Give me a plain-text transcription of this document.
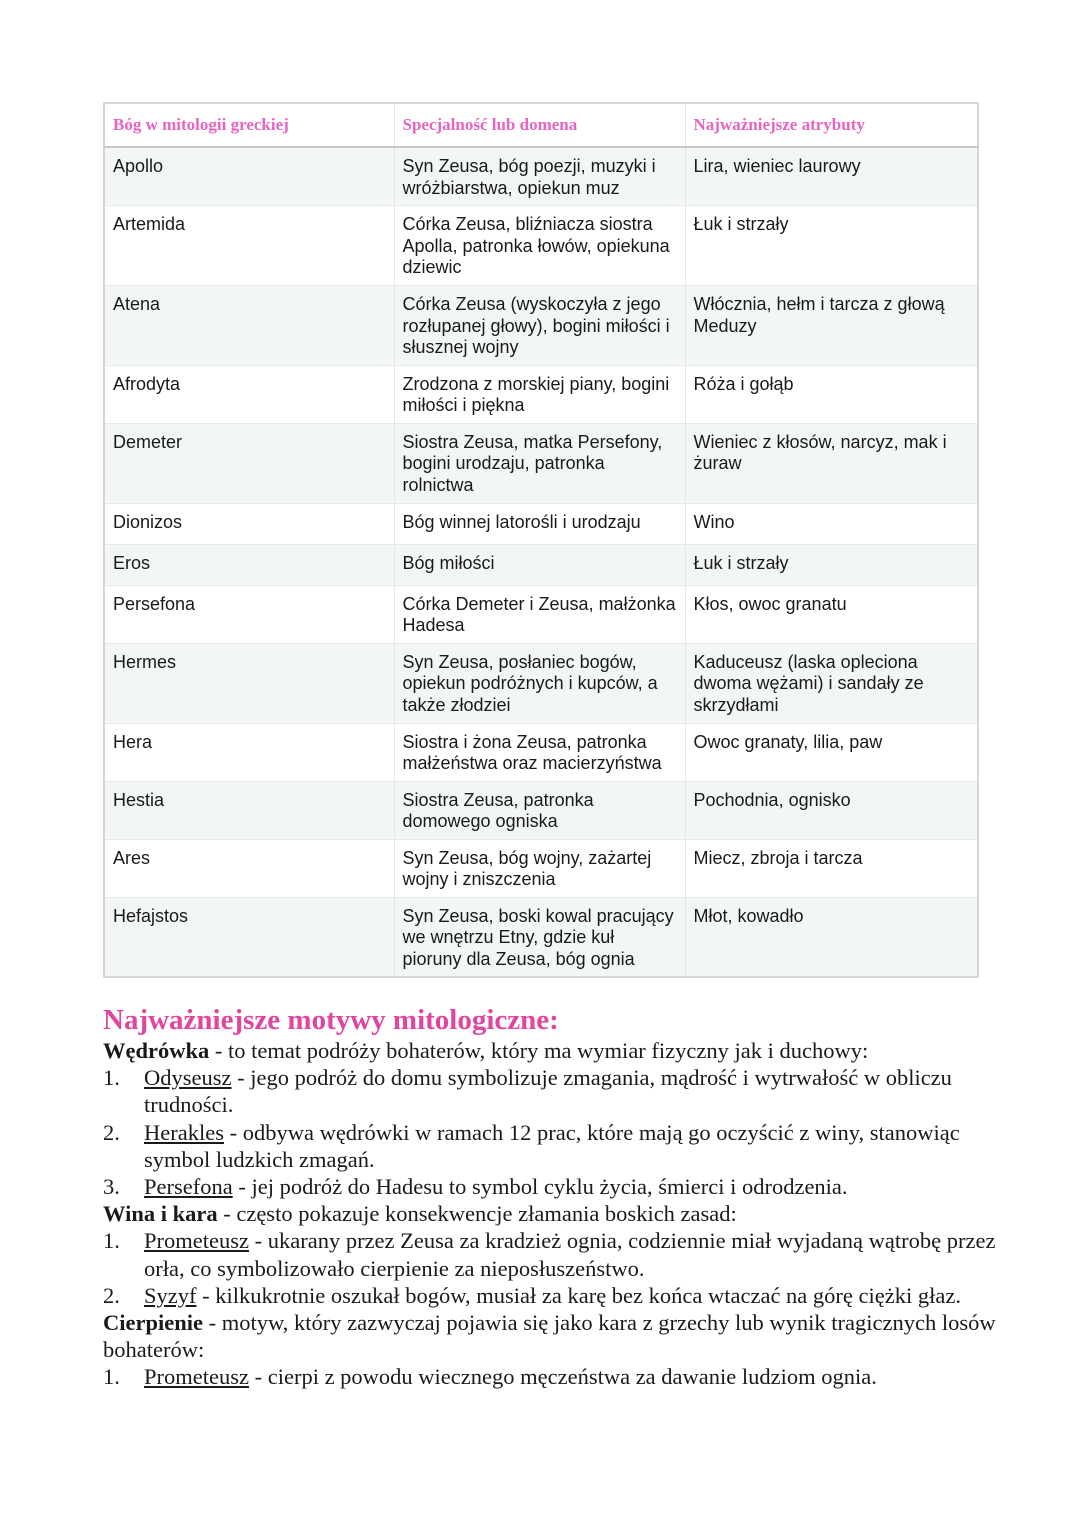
Bóg w mitologii greckiej	Specjalność lub domena	Najważniejsze atrybuty
Apollo	Syn Zeusa, bóg poezji, muzyki i wróżbiarstwa, opiekun muz	Lira, wieniec laurowy
Artemida	Córka Zeusa, bliźniacza siostra Apolla, patronka łowów, opiekuna dziewic	Łuk i strzały
Atena	Córka Zeusa (wyskoczyła z jego rozłupanej głowy), bogini miłości i słusznej wojny	Włócznia, hełm i tarcza z głową Meduzy
Afrodyta	Zrodzona z morskiej piany, bogini miłości i piękna	Róża i gołąb
Demeter	Siostra Zeusa, matka Persefony, bogini urodzaju, patronka rolnictwa	Wieniec z kłosów, narcyz, mak i żuraw
Dionizos	Bóg winnej latorośli i urodzaju	Wino
Eros	Bóg miłości	Łuk i strzały
Persefona	Córka Demeter i Zeusa, małżonka Hadesa	Kłos, owoc granatu
Hermes	Syn Zeusa, posłaniec bogów, opiekun podróżnych i kupców, a także złodziei	Kaduceusz (laska opleciona dwoma wężami) i sandały ze skrzydłami
Hera	Siostra i żona Zeusa, patronka małżeństwa oraz macierzyństwa	Owoc granaty, lilia, paw
Hestia	Siostra Zeusa, patronka domowego ogniska	Pochodnia, ognisko
Ares	Syn Zeusa, bóg wojny, zażartej wojny i zniszczenia	Miecz, zbroja i tarcza
Hefajstos	Syn Zeusa, boski kowal pracujący we wnętrzu Etny, gdzie kuł pioruny dla Zeusa, bóg ognia	Młot, kowadło
Najważniejsze motywy mitologiczne:
Wędrówka - to temat podróży bohaterów, który ma wymiar fizyczny jak i duchowy:
1.	Odyseusz - jego podróż do domu symbolizuje zmagania, mądrość i wytrwałość w obliczu trudności.
2.	Herakles - odbywa wędrówki w ramach 12 prac, które mają go oczyścić z winy, stanowiąc symbol ludzkich zmagań.
3.	Persefona - jej podróż do Hadesu to symbol cyklu życia, śmierci i odrodzenia.
Wina i kara - często pokazuje konsekwencje złamania boskich zasad:
1.	Prometeusz - ukarany przez Zeusa za kradzież ognia, codziennie miał wyjadaną wątrobę przez orła, co symbolizowało cierpienie za nieposłuszeństwo.
2.	Syzyf - kilkukrotnie oszukał bogów, musiał za karę bez końca wtaczać na górę ciężki głaz.
Cierpienie - motyw, który zazwyczaj pojawia się jako kara z grzechy lub wynik tragicznych losów bohaterów:
1.	Prometeusz - cierpi z powodu wiecznego męczeństwa za dawanie ludziom ognia.
